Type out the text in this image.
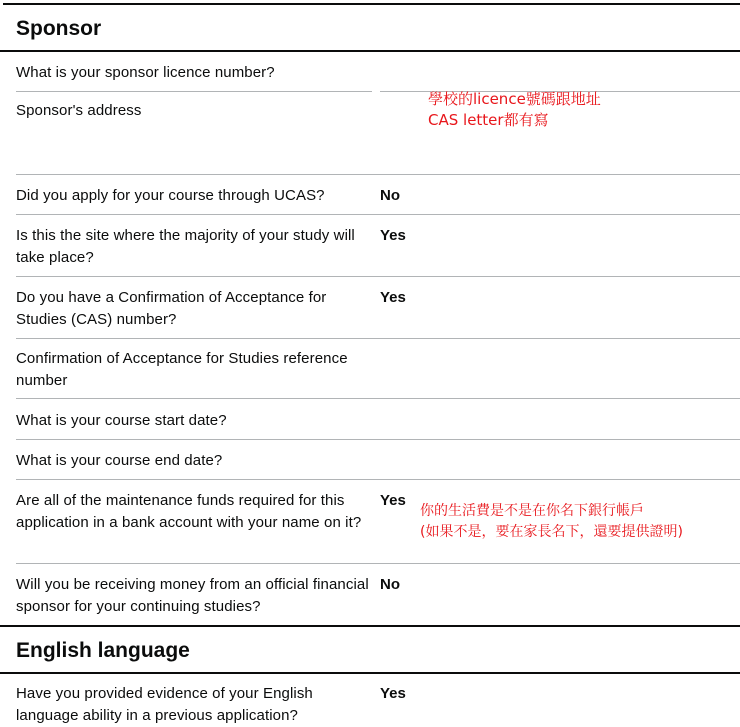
Sponsor
What is your sponsor licence number?
Sponsor's address
學校的licence號碼跟地址
CAS letter都有寫
Did you apply for your course through UCAS?	No
Is this the site where the majority of your study will take place?
Yes
Do you have a Confirmation of Acceptance for Studies (CAS) number?
Yes
Confirmation of Acceptance for Studies reference number
What is your course start date?
What is your course end date?
Are all of the maintenance funds required for this application in a bank account with your name on it?
Yes
你的生活費是不是在你名下銀行帳戶
(如果不是，要在家長名下，還要提供證明)
Will you be receiving money from an official financial sponsor for your continuing studies?
No
English language
Have you provided evidence of your English language ability in a previous application?
Yes
